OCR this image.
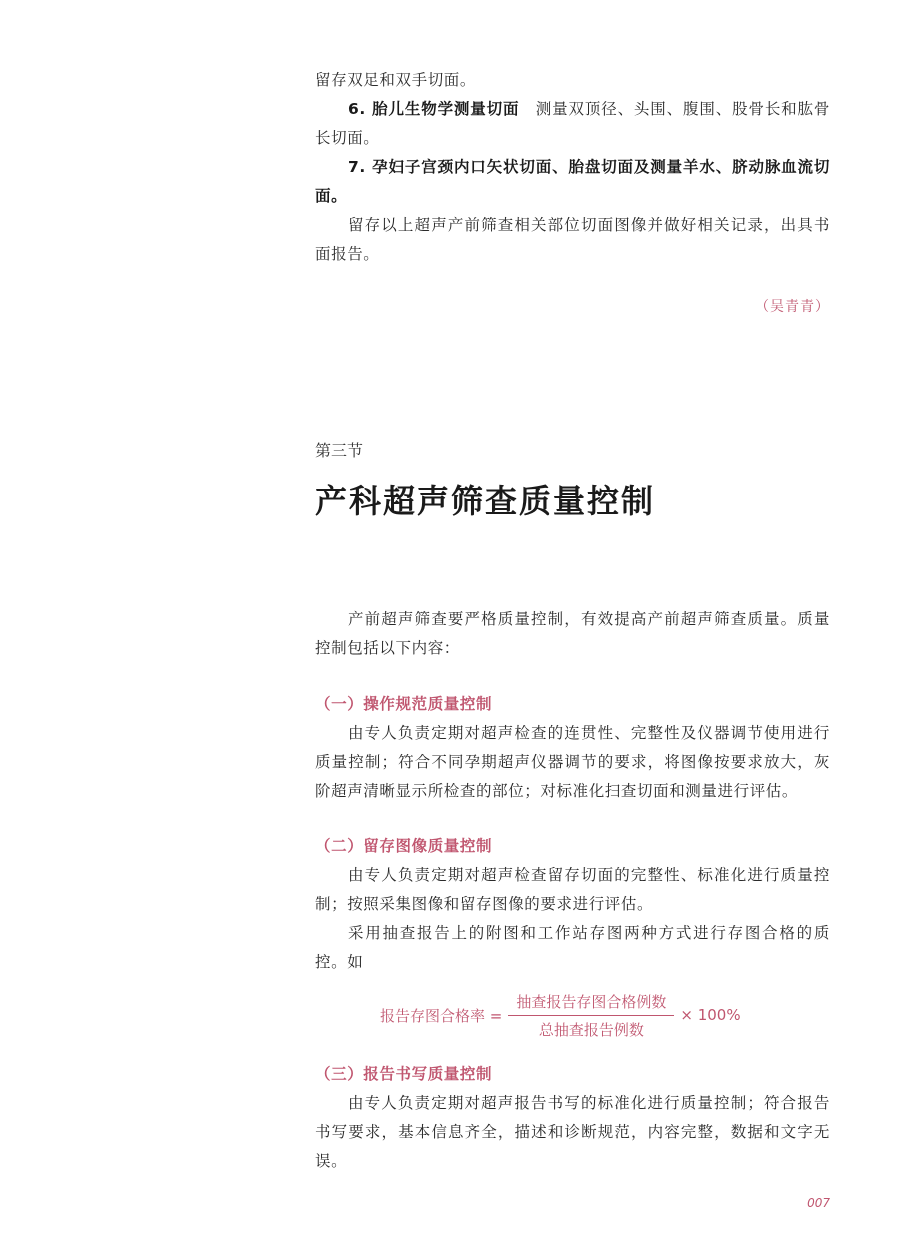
留存双足和双手切面。

6. 胎儿生物学测量切面　 测量双顶径、头围、腹围、股骨长和肱骨长切面。

7. 孕妇子宫颈内口矢状切面、胎盘切面及测量羊水、脐动脉血流切面。

留存以上超声产前筛查相关部位切面图像并做好相关记录，出具书面报告。

（吴青青）
第三节
产科超声筛查质量控制

产前超声筛查要严格质量控制，有效提高产前超声筛查质量。质量控制包括以下内容：

（一）操作规范质量控制

由专人负责定期对超声检查的连贯性、完整性及仪器调节使用进行质量控制；符合不同孕期超声仪器调节的要求，将图像按要求放大，灰阶超声清晰显示所检查的部位；对标准化扫查切面和测量进行评估。

（二）留存图像质量控制

由专人负责定期对超声检查留存切面的完整性、标准化进行质量控制；按照采集图像和留存图像的要求进行评估。

采用抽查报告上的附图和工作站存图两种方式进行存图合格的质控。如

报告存图合格率 = $\frac{\text{抽查报告存图合格例数}}{\text{总抽查报告例数}} \times 100\%$
（三）报告书写质量控制

由专人负责定期对超声报告书写的标准化进行质量控制；符合报告书写要求，基本信息齐全，描述和诊断规范，内容完整，数据和文字无误。

007
